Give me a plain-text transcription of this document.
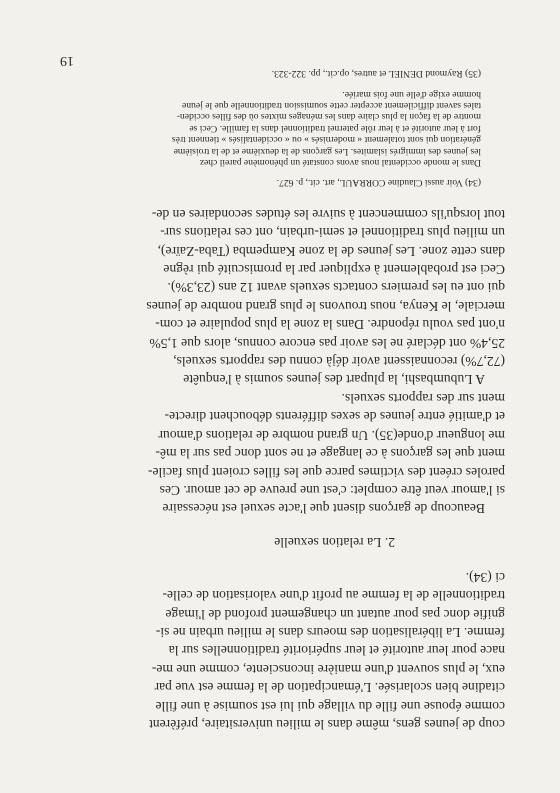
coup de jeunes gens, même dans le milieu universitaire, préfèrent
comme épouse une fille du village qui lui est soumise à une fille
citadine bien scolarisée. L'émancipation de la femme est vue par
eux, le plus souvent d'une manière inconsciente, comme une me-
nace pour leur autorité et leur supériorité traditionnelles sur la
femme. La libéralisation des moeurs dans le milieu urbain ne si-
gnifie donc pas pour autant un changement profond de l'image
traditionnelle de la femme au profit d'une valorisation de celle-
ci (34).

2. La relation sexuelle

Beaucoup de garçons disent que l'acte sexuel est nécessaire
si l'amour veut être complet: c'est une preuve de cet amour. Ces
paroles créent des victimes parce que les filles croient plus facile-
ment que les garçons à ce langage et ne sont donc pas sur la mê-
me longueur d'onde(35). Un grand nombre de relations d'amour
et d'amitié entre jeunes de sexes différents débouchent directe-
ment sur des rapports sexuels.

A Lubumbashi, la plupart des jeunes soumis à l'enquête
(72,7%) reconnaissent avoir déjà connu des rapports sexuels,
25,4% ont déclaré ne les avoir pas encore connus, alors que 1,5%
n'ont pas voulu répondre. Dans la zone la plus populaire et com-
merciale, le Kenya, nous trouvons le plus grand nombre de jeunes
qui ont eu les premiers contacts sexuels avant 12 ans (23,3%).
Ceci est probablement à expliquer par la promiscuité qui règne
dans cette zone. Les jeunes de la zone Kampemba (Taba-Zaïre),
un milieu plus traditionnel et semi-urbain, ont ces relations sur-
tout lorsqu'ils commencent à suivre les études secondaires en de-

(34) Voir aussi Claudine CORRAUL, art. cit., p. 627.

Dans le monde occidental nous avons constaté un phénomène pareil chez
les jeunes des immigrés islamites. Les garçons de la deuxième et de la troisième
génération qui sont totalement « modernisés » ou « occidentalisés » tiennent très
fort à leur autorité et à leur rôle paternel traditionnel dans la famille. Ceci se
montre de la façon la plus claire dans les ménages mixtes où des filles occiden-
tales savent difficilement accepter cette soumission traditionnelle que le jeune
homme exige d'elle une fois mariée.

(35) Raymond DENIEL et autres, op.cit., pp. 322-323.

19
